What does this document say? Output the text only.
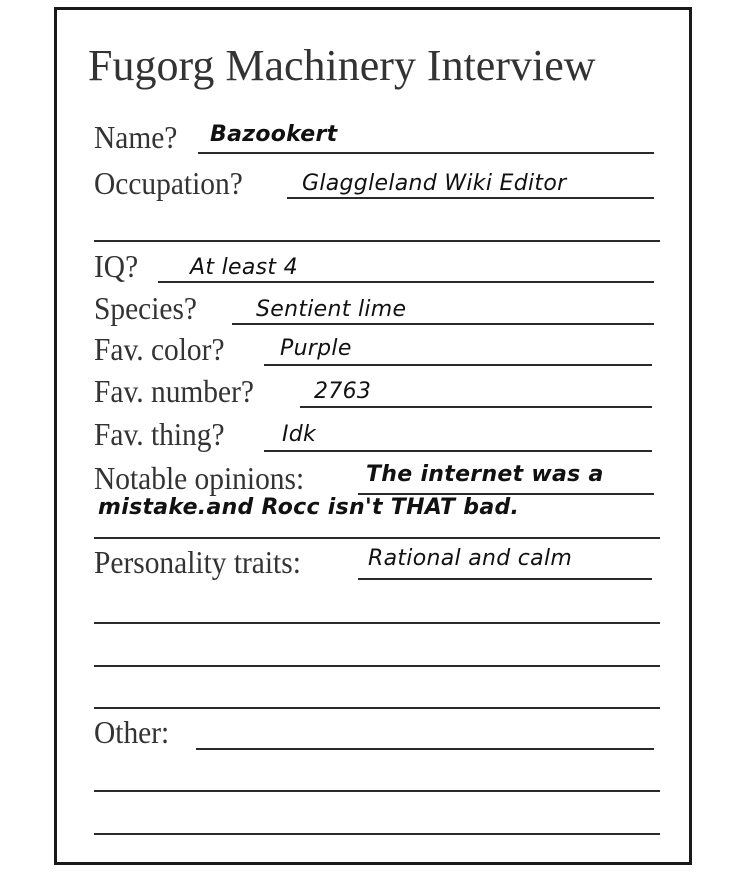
Fugorg Machinery Interview
Name? Bazookert
Occupation?	Glaggleland Wiki Editor
IQ? At least 4
Species?	Sentient lime
Fav. color?	Purple
Fav. number?	2763
Fav. thing?	Idk
Notable opinions:	The internet was a
mistake.and Rocc isn't THAT bad.
Personality traits:	Rational and calm
Other:
